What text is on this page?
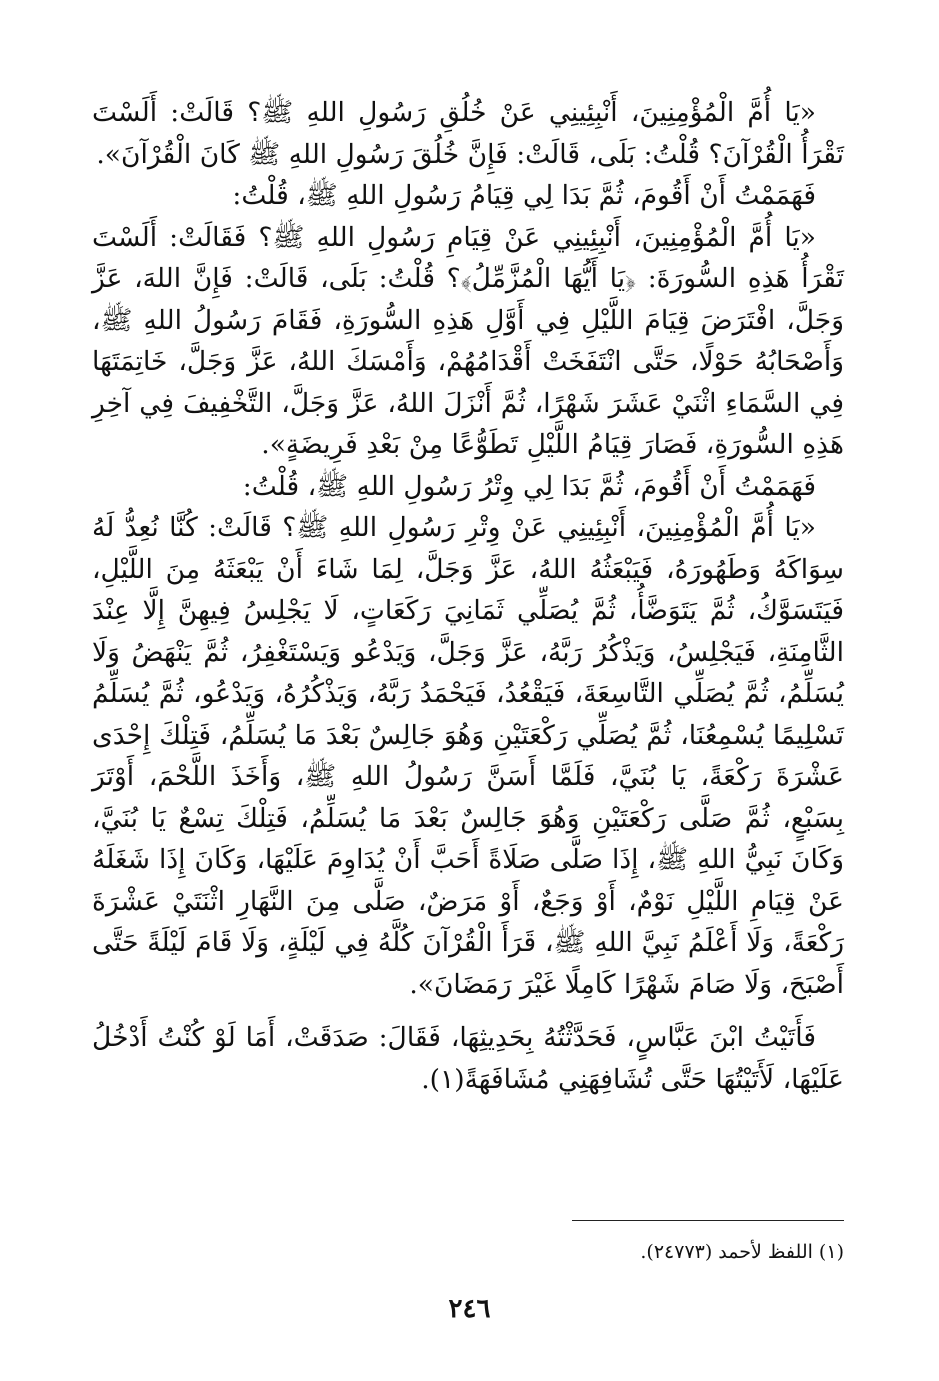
«يَا أُمَّ الْمُؤْمِنِينَ، أَنْبِئِينِي عَنْ خُلُقِ رَسُولِ اللهِ ﷺ؟ قَالَتْ: أَلَسْتَ تَقْرَأُ الْقُرْآنَ؟ قُلْتُ: بَلَى، قَالَتْ: فَإِنَّ خُلُقَ رَسُولِ اللهِ ﷺ كَانَ الْقُرْآنَ».

فَهَمَمْتُ أَنْ أَقُومَ، ثُمَّ بَدَا لِي قِيَامُ رَسُولِ اللهِ ﷺ، قُلْتُ:

«يَا أُمَّ الْمُؤْمِنِينَ، أَنْبِئِينِي عَنْ قِيَامِ رَسُولِ اللهِ ﷺ؟ فَقَالَتْ: أَلَسْتَ تَقْرَأُ هَذِهِ السُّورَةَ: ﴿يَا أَيُّهَا الْمُزَّمِّلُ﴾؟ قُلْتُ: بَلَى، قَالَتْ: فَإِنَّ اللهَ، عَزَّ وَجَلَّ، افْتَرَضَ قِيَامَ اللَّيْلِ فِي أَوَّلِ هَذِهِ السُّورَةِ، فَقَامَ رَسُولُ اللهِ ﷺ، وَأَصْحَابُهُ حَوْلًا، حَتَّى انْتَفَخَتْ أَقْدَامُهُمْ، وَأَمْسَكَ اللهُ، عَزَّ وَجَلَّ، خَاتِمَتَهَا فِي السَّمَاءِ اثْنَيْ عَشَرَ شَهْرًا، ثُمَّ أَنْزَلَ اللهُ، عَزَّ وَجَلَّ، التَّخْفِيفَ فِي آخِرِ هَذِهِ السُّورَةِ، فَصَارَ قِيَامُ اللَّيْلِ تَطَوُّعًا مِنْ بَعْدِ فَرِيضَةٍ».

فَهَمَمْتُ أَنْ أَقُومَ، ثُمَّ بَدَا لِي وِتْرُ رَسُولِ اللهِ ﷺ، قُلْتُ:

«يَا أُمَّ الْمُؤْمِنِينَ، أَنْبِئِينِي عَنْ وِتْرِ رَسُولِ اللهِ ﷺ؟ قَالَتْ: كُنَّا نُعِدُّ لَهُ سِوَاكَهُ وَطَهُورَهُ، فَيَبْعَثُهُ اللهُ، عَزَّ وَجَلَّ، لِمَا شَاءَ أَنْ يَبْعَثَهُ مِنَ اللَّيْلِ، فَيَتَسَوَّكُ، ثُمَّ يَتَوَضَّأُ، ثُمَّ يُصَلِّي ثَمَانِيَ رَكَعَاتٍ، لَا يَجْلِسُ فِيهِنَّ إِلَّا عِنْدَ الثَّامِنَةِ، فَيَجْلِسُ، وَيَذْكُرُ رَبَّهُ، عَزَّ وَجَلَّ، وَيَدْعُو وَيَسْتَغْفِرُ، ثُمَّ يَنْهَضُ وَلَا يُسَلِّمُ، ثُمَّ يُصَلِّي التَّاسِعَةَ، فَيَقْعُدُ، فَيَحْمَدُ رَبَّهُ، وَيَذْكُرُهُ، وَيَدْعُو، ثُمَّ يُسَلِّمُ تَسْلِيمًا يُسْمِعُنَا، ثُمَّ يُصَلِّي رَكْعَتَيْنِ وَهُوَ جَالِسٌ بَعْدَ مَا يُسَلِّمُ، فَتِلْكَ إِحْدَى عَشْرَةَ رَكْعَةً، يَا بُنَيَّ، فَلَمَّا أَسَنَّ رَسُولُ اللهِ ﷺ، وَأَخَذَ اللَّحْمَ، أَوْتَرَ بِسَبْعٍ، ثُمَّ صَلَّى رَكْعَتَيْنِ وَهُوَ جَالِسٌ بَعْدَ مَا يُسَلِّمُ، فَتِلْكَ تِسْعٌ يَا بُنَيَّ، وَكَانَ نَبِيُّ اللهِ ﷺ، إِذَا صَلَّى صَلَاةً أَحَبَّ أَنْ يُدَاوِمَ عَلَيْهَا، وَكَانَ إِذَا شَغَلَهُ عَنْ قِيَامِ اللَّيْلِ نَوْمٌ، أَوْ وَجَعٌ، أَوْ مَرَضٌ، صَلَّى مِنَ النَّهَارِ اثْنَتَيْ عَشْرَةَ رَكْعَةً، وَلَا أَعْلَمُ نَبِيَّ اللهِ ﷺ، قَرَأَ الْقُرْآنَ كُلَّهُ فِي لَيْلَةٍ، وَلَا قَامَ لَيْلَةً حَتَّى أَصْبَحَ، وَلَا صَامَ شَهْرًا كَامِلًا غَيْرَ رَمَضَانَ».

فَأَتَيْتُ ابْنَ عَبَّاسٍ، فَحَدَّثْتُهُ بِحَدِيثِهَا، فَقَالَ: صَدَقَتْ، أَمَا لَوْ كُنْتُ أَدْخُلُ عَلَيْهَا، لَأَتَيْتُهَا حَتَّى تُشَافِهَنِي مُشَافَهَةً(١).

(١) اللفظ لأحمد (٢٤٧٧٣).
٢٤٦
